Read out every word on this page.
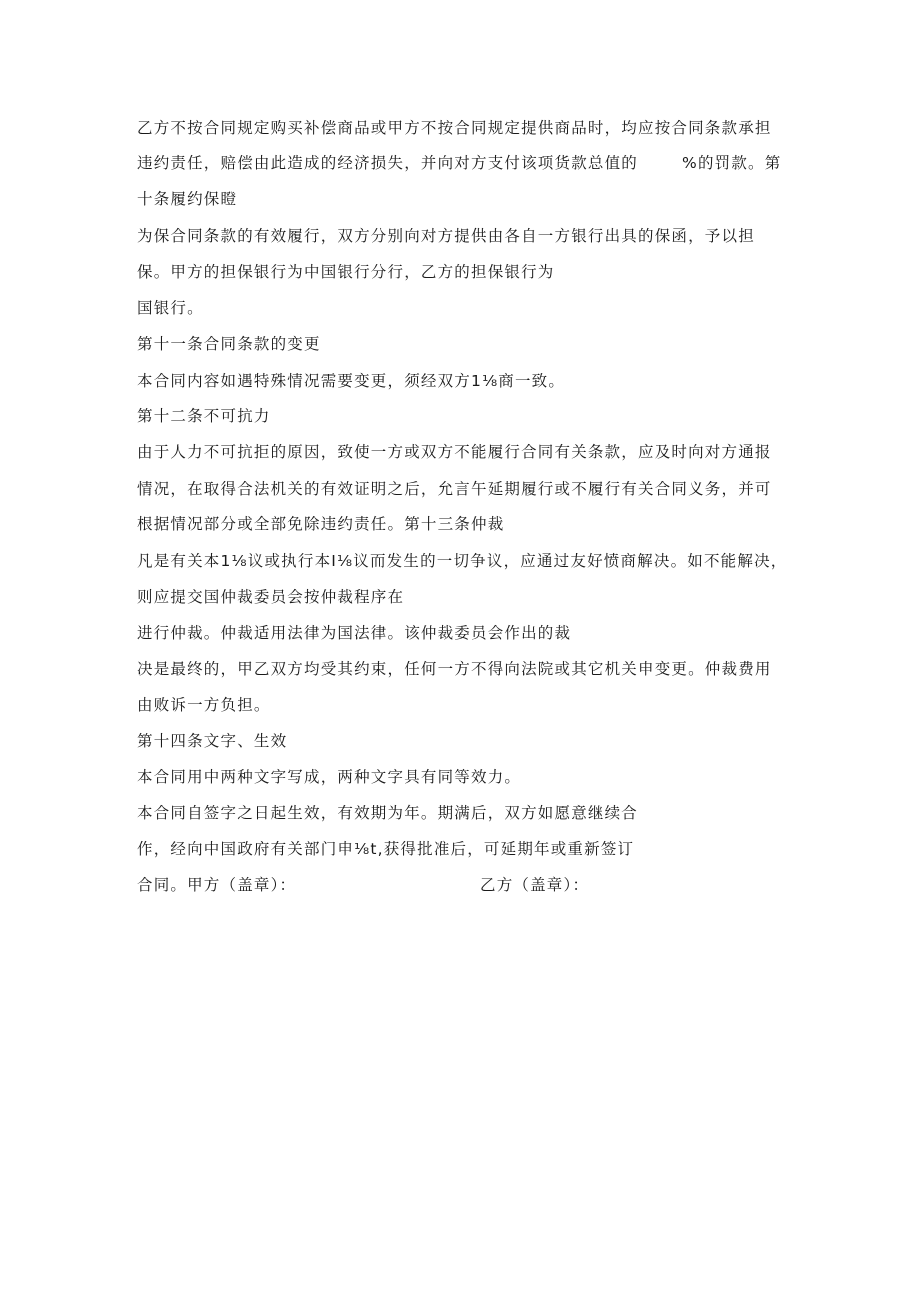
乙方不按合同规定购买补偿商品或甲方不按合同规定提供商品时，均应按合同条款承担
违约责任，赔偿由此造成的经济损失，并向对方支付该项货款总值的	%的罚款。第
十条履约保瞪
为保合同条款的有效履行，双方分别向对方提供由各自一方银行出具的保函，予以担
保。甲方的担保银行为中国银行分行，乙方的担保银行为
国银行。
第十一条合同条款的变更
本合同内容如遇特殊情况需要变更，须经双方1⅛商一致。
第十二条不可抗力
由于人力不可抗拒的原因，致使一方或双方不能履行合同有关条款，应及时向对方通报
情况，在取得合法机关的有效证明之后，允言午延期履行或不履行有关合同义务，并可
根据情况部分或全部免除违约责任。第十三条仲裁
凡是有关本1⅛议或执行本I⅛议而发生的一切争议，应通过友好愤商解决。如不能解决，
则应提交国仲裁委员会按仲裁程序在
进行仲裁。仲裁适用法律为国法律。该仲裁委员会作出的裁
决是最终的，甲乙双方均受其约束，任何一方不得向法院或其它机关申变更。仲裁费用
由败诉一方负担。
第十四条文字、生效
本合同用中两种文字写成，两种文字具有同等效力。
本合同自签字之日起生效，有效期为年。期满后，双方如愿意继续合
作，经向中国政府有关部门申⅛t,获得批准后，可延期年或重新签订
合同。甲方（盖章）：	乙方（盖章）：
